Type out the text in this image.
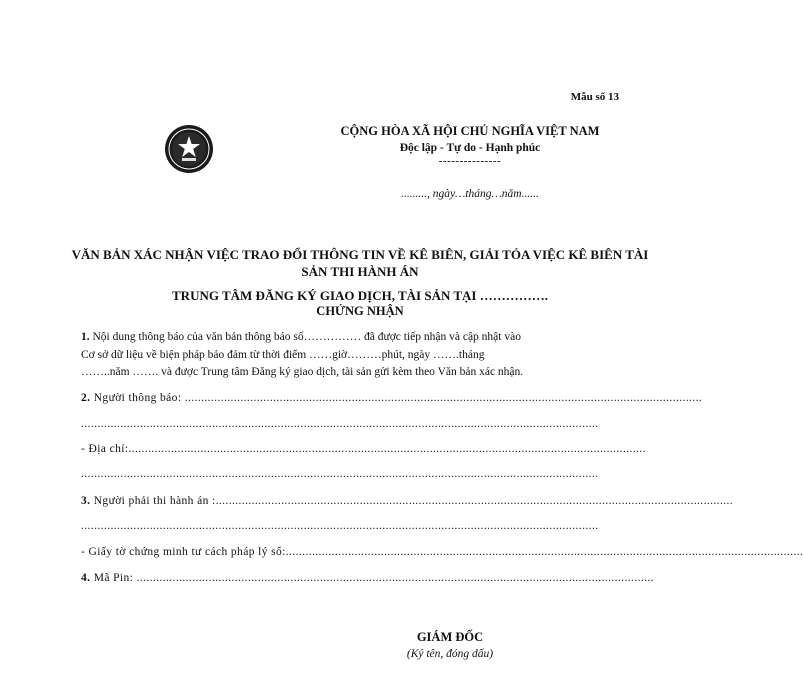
Mẫu số 13
CỘNG HÒA XÃ HỘI CHỦ NGHĨA VIỆT NAM
Độc lập - Tự do - Hạnh phúc
---------------
........., ngày…tháng…năm......
VĂN BẢN XÁC NHẬN VIỆC TRAO ĐỔI THÔNG TIN VỀ KÊ BIÊN, GIẢI TỎA VIỆC KÊ BIÊN TÀI SẢN THI HÀNH ÁN
TRUNG TÂM ĐĂNG KÝ GIAO DỊCH, TÀI SẢN TẠI …………….
CHỨNG NHẬN
1. Nội dung thông báo của văn bản thông báo số…………… đã được tiếp nhận và cập nhật vào
Cơ sở dữ liệu về biện pháp bảo đảm từ thời điểm ……giờ………phút, ngày …….tháng
……..năm ……. và được Trung tâm Đăng ký giao dịch, tài sản gửi kèm theo Văn bản xác nhận.
2. Người thông báo: ..............................................................................................................................................................
..............................................................................................................................................................
- Địa chỉ:..............................................................................................................................................................
..............................................................................................................................................................
3. Người phải thi hành án :..............................................................................................................................................................
..............................................................................................................................................................
- Giấy tờ chứng minh tư cách pháp lý số:..............................................................................................................................................................
4. Mã Pin: ..............................................................................................................................................................
GIÁM ĐỐC
(Ký tên, đóng dấu)
